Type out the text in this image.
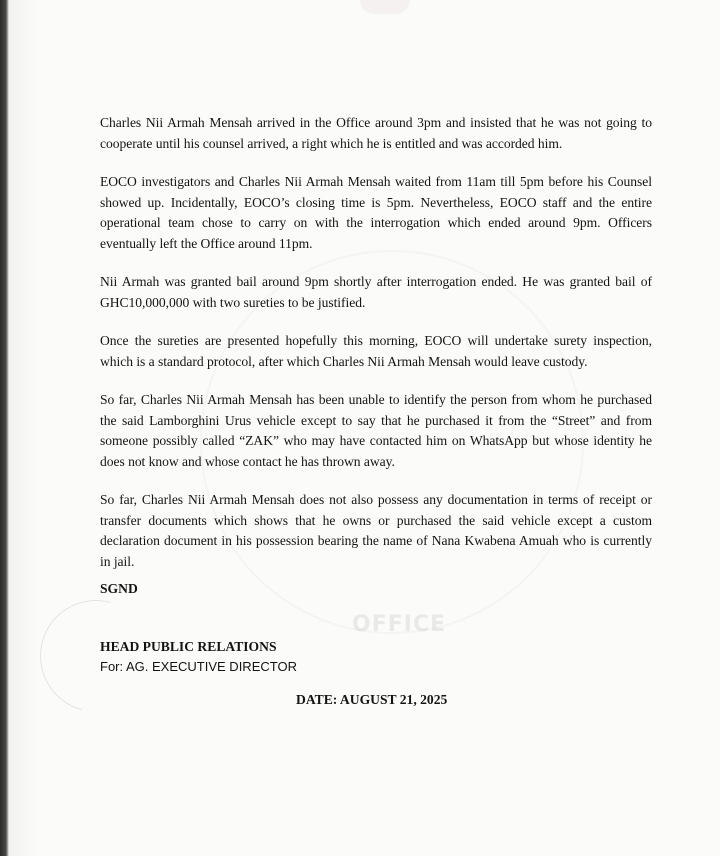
Charles Nii Armah Mensah arrived in the Office around 3pm and insisted that he was not going to cooperate until his counsel arrived, a right which he is entitled and was accorded him.

EOCO investigators and Charles Nii Armah Mensah waited from 11am till 5pm before his Counsel showed up. Incidentally, EOCO’s closing time is 5pm. Nevertheless, EOCO staff and the entire operational team chose to carry on with the interrogation which ended around 9pm. Officers eventually left the Office around 11pm.

Nii Armah was granted bail around 9pm shortly after interrogation ended. He was granted bail of GHC10,000,000 with two sureties to be justified.

Once the sureties are presented hopefully this morning, EOCO will undertake surety inspection, which is a standard protocol, after which Charles Nii Armah Mensah would leave custody.

So far, Charles Nii Armah Mensah has been unable to identify the person from whom he purchased the said Lamborghini Urus vehicle except to say that he purchased it from the “Street” and from someone possibly called “ZAK” who may have contacted him on WhatsApp but whose identity he does not know and whose contact he has thrown away.

So far, Charles Nii Armah Mensah does not also possess any documentation in terms of receipt or transfer documents which shows that he owns or purchased the said vehicle except a custom declaration document in his possession bearing the name of Nana Kwabena Amuah who is currently in jail.

SGND
OFFICE
HEAD PUBLIC RELATIONS
For: AG. EXECUTIVE DIRECTOR
DATE: AUGUST 21, 2025
